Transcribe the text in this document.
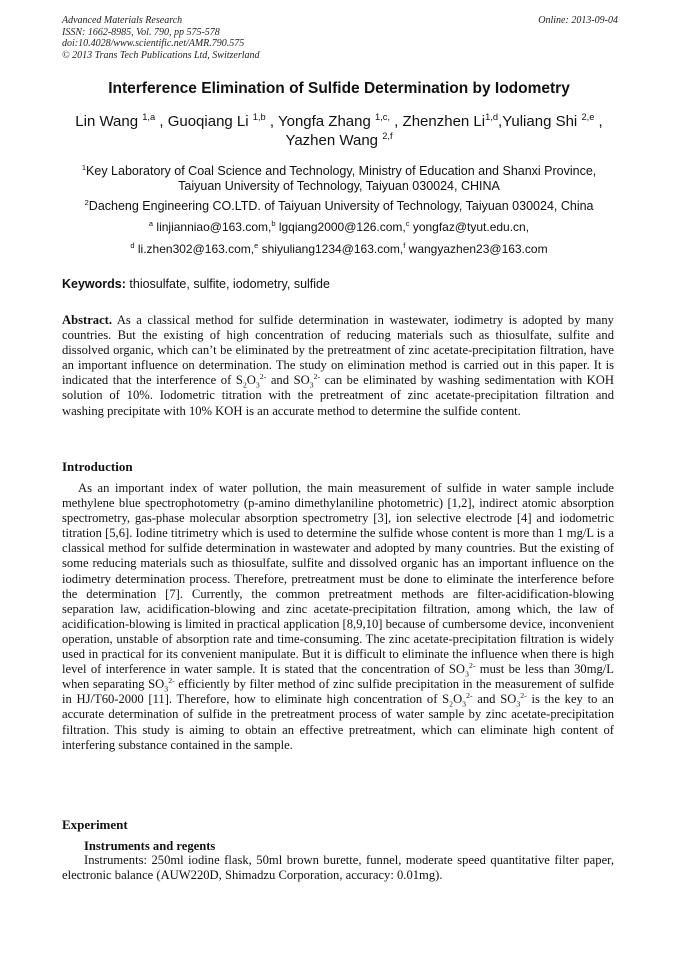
Advanced Materials Research
ISSN: 1662-8985, Vol. 790, pp 575-578
doi:10.4028/www.scientific.net/AMR.790.575
© 2013 Trans Tech Publications Ltd, Switzerland
Online: 2013-09-04
Interference Elimination of Sulfide Determination by Iodometry
Lin Wang $^{1,a}$ , Guoqiang Li $^{1,b}$ , Yongfa Zhang $^{1,c,}$ , Zhenzhen Li$^{1,d}$,Yuliang Shi $^{2,e}$ , Yazhen Wang $^{2,f}$
$^1$Key Laboratory of Coal Science and Technology, Ministry of Education and Shanxi Province,
Taiyuan University of Technology, Taiyuan 030024, CHINA
$^2$Dacheng Engineering CO.LTD. of Taiyuan University of Technology, Taiyuan 030024, China
$^a$ linjianniao@163.com,$^b$ lgqiang2000@126.com,$^c$ yongfaz@tyut.edu.cn,
$^d$ li.zhen302@163.com,$^e$ shiyuliang1234@163.com,$^f$ wangyazhen23@163.com
Keywords: thiosulfate, sulfite, iodometry, sulfide
Abstract. As a classical method for sulfide determination in wastewater, iodimetry is adopted by many countries. But the existing of high concentration of reducing materials such as thiosulfate, sulfite and dissolved organic, which can’t be eliminated by the pretreatment of zinc acetate-precipitation filtration, have an important influence on determination. The study on elimination method is carried out in this paper. It is indicated that the interference of $S_2O_3^{2-}$ and $SO_3^{2-}$ can be eliminated by washing sedimentation with KOH solution of 10%. Iodometric titration with the pretreatment of zinc acetate-precipitation filtration and washing precipitate with 10% KOH is an accurate method to determine the sulfide content.
Introduction
As an important index of water pollution, the main measurement of sulfide in water sample include methylene blue spectrophotometry (p-amino dimethylaniline photometric) [1,2], indirect atomic absorption spectrometry, gas-phase molecular absorption spectrometry [3], ion selective electrode [4] and iodometric titration [5,6]. Iodine titrimetry which is used to determine the sulfide whose content is more than 1 mg/L is a classical method for sulfide determination in wastewater and adopted by many countries. But the existing of some reducing materials such as thiosulfate, sulfite and dissolved organic has an important influence on the iodimetry determination process. Therefore, pretreatment must be done to eliminate the interference before the determination [7]. Currently, the common pretreatment methods are filter-acidification-blowing separation law, acidification-blowing and zinc acetate-precipitation filtration, among which, the law of acidification-blowing is limited in practical application [8,9,10] because of cumbersome device, inconvenient operation, unstable of absorption rate and time-consuming. The zinc acetate-precipitation filtration is widely used in practical for its convenient manipulate. But it is difficult to eliminate the influence when there is high level of interference in water sample. It is stated that the concentration of $SO_3^{2-}$ must be less than 30mg/L when separating $SO_3^{2-}$ efficiently by filter method of zinc sulfide precipitation in the measurement of sulfide in HJ/T60-2000 [11]. Therefore, how to eliminate high concentration of $S_2O_3^{2-}$ and $SO_3^{2-}$ is the key to an accurate determination of sulfide in the pretreatment process of water sample by zinc acetate-precipitation filtration. This study is aiming to obtain an effective pretreatment, which can eliminate high content of interfering substance contained in the sample.
Experiment
Instruments and regents
Instruments: 250ml iodine flask, 50ml brown burette, funnel, moderate speed quantitative filter paper, electronic balance (AUW220D, Shimadzu Corporation, accuracy: 0.01mg).
